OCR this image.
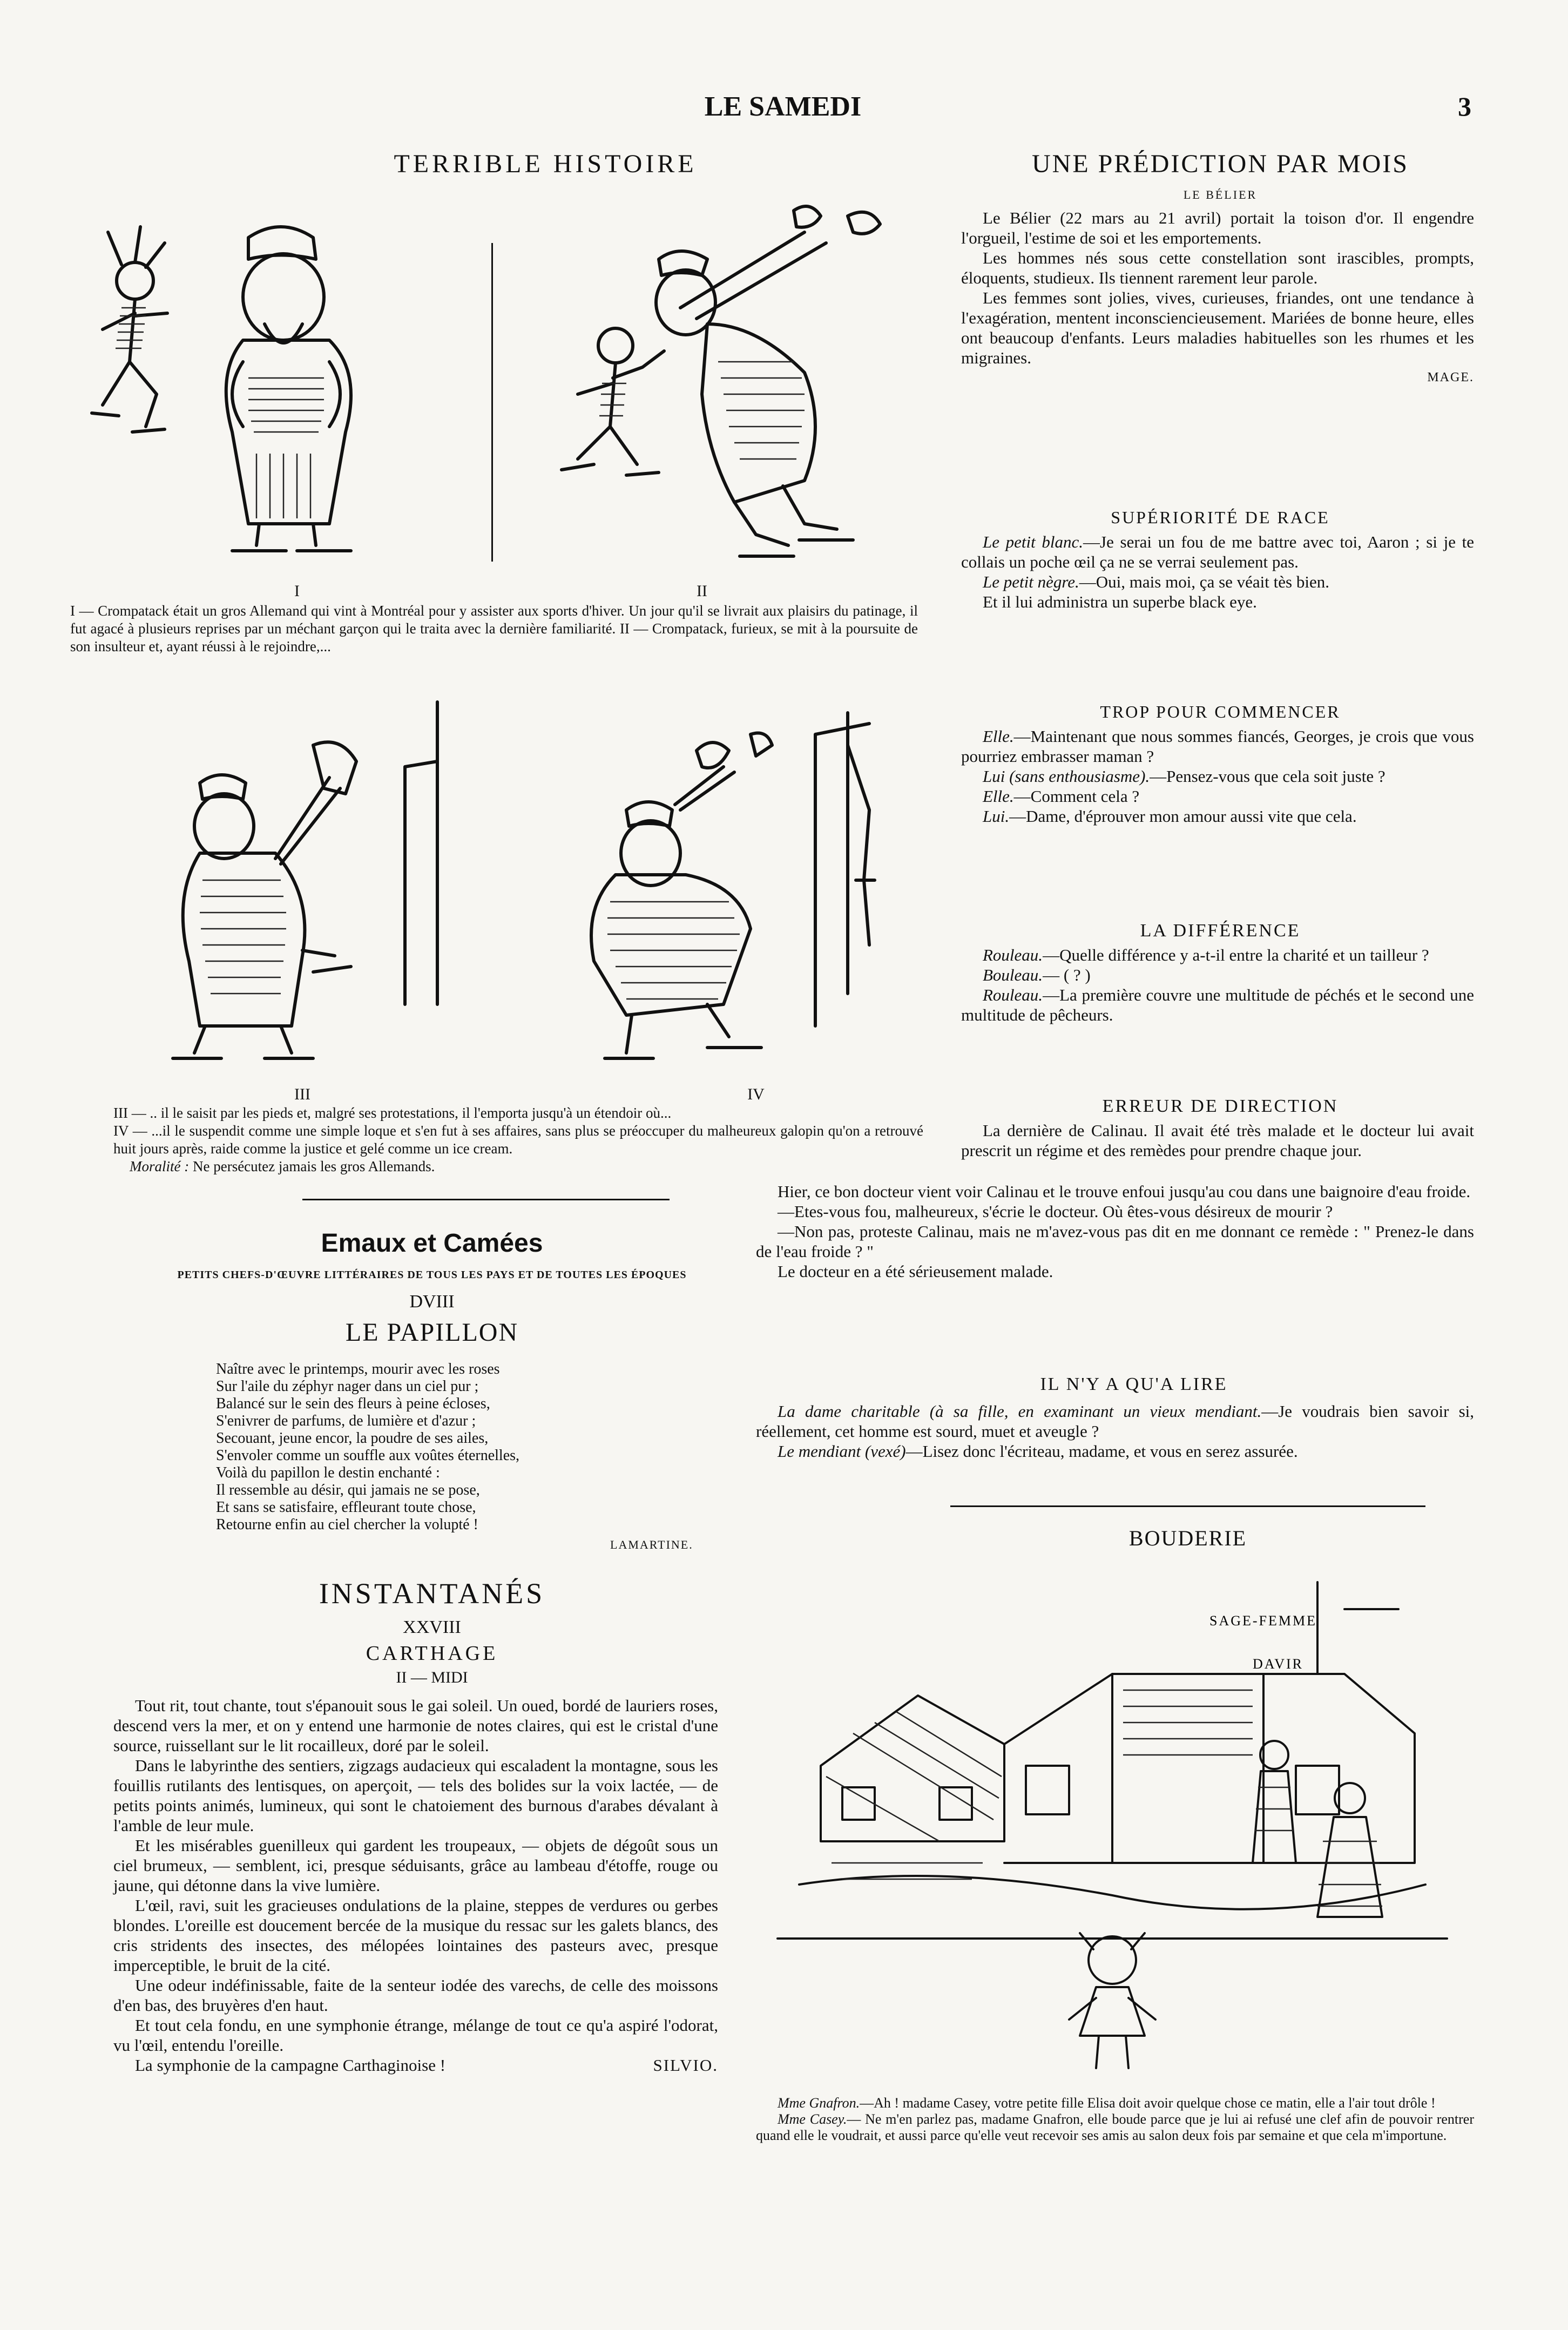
LE SAMEDI	3
TERRIBLE HISTOIRE
I	II
I — Crompatack était un gros Allemand qui vint à Montréal pour y assister aux sports d'hiver. Un jour qu'il se livrait aux plaisirs du patinage, il fut agacé à plusieurs reprises par un méchant garçon qui le traita avec la dernière familiarité. II — Crompatack, furieux, se mit à la poursuite de son insulteur et, ayant réussi à le rejoindre,...
III	IV
III — .. il le saisit par les pieds et, malgré ses protestations, il l'emporta jusqu'à un étendoir où...
IV — ...il le suspendit comme une simple loque et s'en fut à ses affaires, sans plus se préoccuper du malheureux galopin qu'on a retrouvé huit jours après, raide comme la justice et gelé comme un ice cream.
Moralité : Ne persécutez jamais les gros Allemands.
Emaux et Camées
PETITS CHEFS-D'ŒUVRE LITTÉRAIRES DE TOUS LES PAYS ET DE TOUTES LES ÉPOQUES
DVIII
LE PAPILLON
Naître avec le printemps, mourir avec les roses
Sur l'aile du zéphyr nager dans un ciel pur ;
Balancé sur le sein des fleurs à peine écloses,
S'enivrer de parfums, de lumière et d'azur ;
Secouant, jeune encor, la poudre de ses ailes,
S'envoler comme un souffle aux voûtes éternelles,
Voilà du papillon le destin enchanté :
Il ressemble au désir, qui jamais ne se pose,
Et sans se satisfaire, effleurant toute chose,
Retourne enfin au ciel chercher la volupté !
LAMARTINE.
INSTANTANÉS
XXVIII
CARTHAGE
II — MIDI
Tout rit, tout chante, tout s'épanouit sous le gai soleil. Un oued, bordé de lauriers roses, descend vers la mer, et on y entend une harmonie de notes claires, qui est le cristal d'une source, ruissellant sur le lit rocailleux, doré par le soleil.
Dans le labyrinthe des sentiers, zigzags audacieux qui escaladent la montagne, sous les fouillis rutilants des lentisques, on aperçoit, — tels des bolides sur la voix lactée, — de petits points animés, lumineux, qui sont le chatoiement des burnous d'arabes dévalant à l'amble de leur mule.
Et les misérables guenilleux qui gardent les troupeaux, — objets de dégoût sous un ciel brumeux, — semblent, ici, presque séduisants, grâce au lambeau d'étoffe, rouge ou jaune, qui détonne dans la vive lumière.
L'œil, ravi, suit les gracieuses ondulations de la plaine, steppes de verdures ou gerbes blondes. L'oreille est doucement bercée de la musique du ressac sur les galets blancs, des cris stridents des insectes, des mélopées lointaines des pasteurs avec, presque imperceptible, le bruit de la cité.
Une odeur indéfinissable, faite de la senteur iodée des varechs, de celle des moissons d'en bas, des bruyères d'en haut.
Et tout cela fondu, en une symphonie étrange, mélange de tout ce qu'a aspiré l'odorat, vu l'œil, entendu l'oreille.
La symphonie de la campagne Carthaginoise !	SILVIO.
UNE PRÉDICTION PAR MOIS
LE BÉLIER
Le Bélier (22 mars au 21 avril) portait la toison d'or. Il engendre l'orgueil, l'estime de soi et les emportements.
Les hommes nés sous cette constellation sont irascibles, prompts, éloquents, studieux. Ils tiennent rarement leur parole.
Les femmes sont jolies, vives, curieuses, friandes, ont une tendance à l'exagération, mentent inconsciencieusement. Mariées de bonne heure, elles ont beaucoup d'enfants. Leurs maladies habituelles son les rhumes et les migraines.
MAGE.
SUPÉRIORITÉ DE RACE
Le petit blanc.—Je serai un fou de me battre avec toi, Aaron ; si je te collais un poche œil ça ne se verrai seulement pas.
Le petit nègre.—Oui, mais moi, ça se véait tès bien.
Et il lui administra un superbe black eye.
TROP POUR COMMENCER
Elle.—Maintenant que nous sommes fiancés, Georges, je crois que vous pourriez embrasser maman ?
Lui (sans enthousiasme).—Pensez-vous que cela soit juste ?
Elle.—Comment cela ?
Lui.—Dame, d'éprouver mon amour aussi vite que cela.
LA DIFFÉRENCE
Rouleau.—Quelle différence y a-t-il entre la charité et un tailleur ?
Bouleau.— ( ? )
Rouleau.—La première couvre une multitude de péchés et le second une multitude de pêcheurs.
ERREUR DE DIRECTION
La dernière de Calinau. Il avait été très malade et le docteur lui avait prescrit un régime et des remèdes pour prendre chaque jour.
Hier, ce bon docteur vient voir Calinau et le trouve enfoui jusqu'au cou dans une baignoire d'eau froide.
—Etes-vous fou, malheureux, s'écrie le docteur. Où êtes-vous désireux de mourir ?
—Non pas, proteste Calinau, mais ne m'avez-vous pas dit en me donnant ce remède : " Prenez-le dans de l'eau froide ? "
Le docteur en a été sérieusement malade.
IL N'Y A QU'A LIRE
La dame charitable (à sa fille, en examinant un vieux mendiant.—Je voudrais bien savoir si, réellement, cet homme est sourd, muet et aveugle ?
Le mendiant (vexé)—Lisez donc l'écriteau, madame, et vous en serez assurée.
BOUDERIE
SAGE-FEMME
DAVIR
Mme Gnafron.—Ah ! madame Casey, votre petite fille Elisa doit avoir quelque chose ce matin, elle a l'air tout drôle !
Mme Casey.— Ne m'en parlez pas, madame Gnafron, elle boude parce que je lui ai refusé une clef afin de pouvoir rentrer quand elle le voudrait, et aussi parce qu'elle veut recevoir ses amis au salon deux fois par semaine et que cela m'importune.
